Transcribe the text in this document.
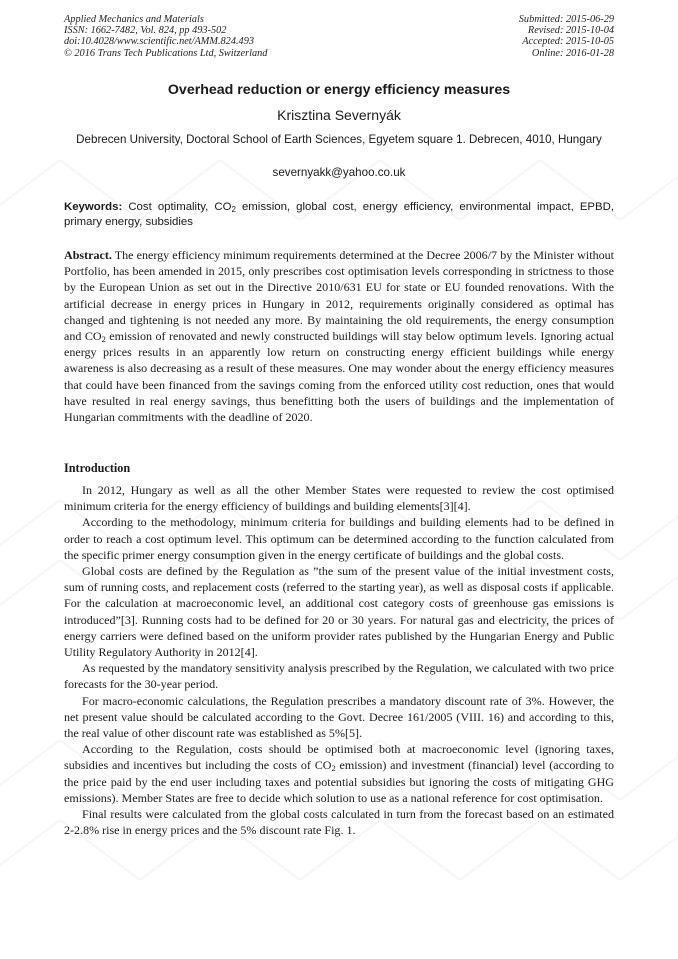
Applied Mechanics and Materials
ISSN: 1662-7482, Vol. 824, pp 493-502
doi:10.4028/www.scientific.net/AMM.824.493
© 2016 Trans Tech Publications Ltd, Switzerland
Submitted: 2015-06-29
Revised: 2015-10-04
Accepted: 2015-10-05
Online: 2016-01-28
Overhead reduction or energy efficiency measures
Krisztina Severnyák
Debrecen University, Doctoral School of Earth Sciences, Egyetem square 1. Debrecen, 4010, Hungary
severnyakk@yahoo.co.uk
Keywords: Cost optimality, $CO_2$ emission, global cost, energy efficiency, environmental impact, EPBD, primary energy, subsidies
Abstract. The energy efficiency minimum requirements determined at the Decree 2006/7 by the Minister without Portfolio, has been amended in 2015, only prescribes cost optimisation levels corresponding in strictness to those by the European Union as set out in the Directive 2010/631 EU for state or EU founded renovations. With the artificial decrease in energy prices in Hungary in 2012, requirements originally considered as optimal has changed and tightening is not needed any more. By maintaining the old requirements, the energy consumption and $CO_2$ emission of renovated and newly constructed buildings will stay below optimum levels. Ignoring actual energy prices results in an apparently low return on constructing energy efficient buildings while energy awareness is also decreasing as a result of these measures. One may wonder about the energy efficiency measures that could have been financed from the savings coming from the enforced utility cost reduction, ones that would have resulted in real energy savings, thus benefitting both the users of buildings and the implementation of Hungarian commitments with the deadline of 2020.
Introduction

In 2012, Hungary as well as all the other Member States were requested to review the cost optimised minimum criteria for the energy efficiency of buildings and building elements[3][4].

According to the methodology, minimum criteria for buildings and building elements had to be defined in order to reach a cost optimum level. This optimum can be determined according to the function calculated from the specific primer energy consumption given in the energy certificate of buildings and the global costs.

Global costs are defined by the Regulation as ”the sum of the present value of the initial investment costs, sum of running costs, and replacement costs (referred to the starting year), as well as disposal costs if applicable. For the calculation at macroeconomic level, an additional cost category costs of greenhouse gas emissions is introduced”[3]. Running costs had to be defined for 20 or 30 years. For natural gas and electricity, the prices of energy carriers were defined based on the uniform provider rates published by the Hungarian Energy and Public Utility Regulatory Authority in 2012[4].

As requested by the mandatory sensitivity analysis prescribed by the Regulation, we calculated with two price forecasts for the 30-year period.

For macro-economic calculations, the Regulation prescribes a mandatory discount rate of 3%. However, the net present value should be calculated according to the Govt. Decree 161/2005 (VIII. 16) and according to this, the real value of other discount rate was established as 5%[5].

According to the Regulation, costs should be optimised both at macroeconomic level (ignoring taxes, subsidies and incentives but including the costs of $CO_2$ emission) and investment (financial) level (according to the price paid by the end user including taxes and potential subsidies but ignoring the costs of mitigating GHG emissions). Member States are free to decide which solution to use as a national reference for cost optimisation.

Final results were calculated from the global costs calculated in turn from the forecast based on an estimated 2-2.8% rise in energy prices and the 5% discount rate Fig. 1.
